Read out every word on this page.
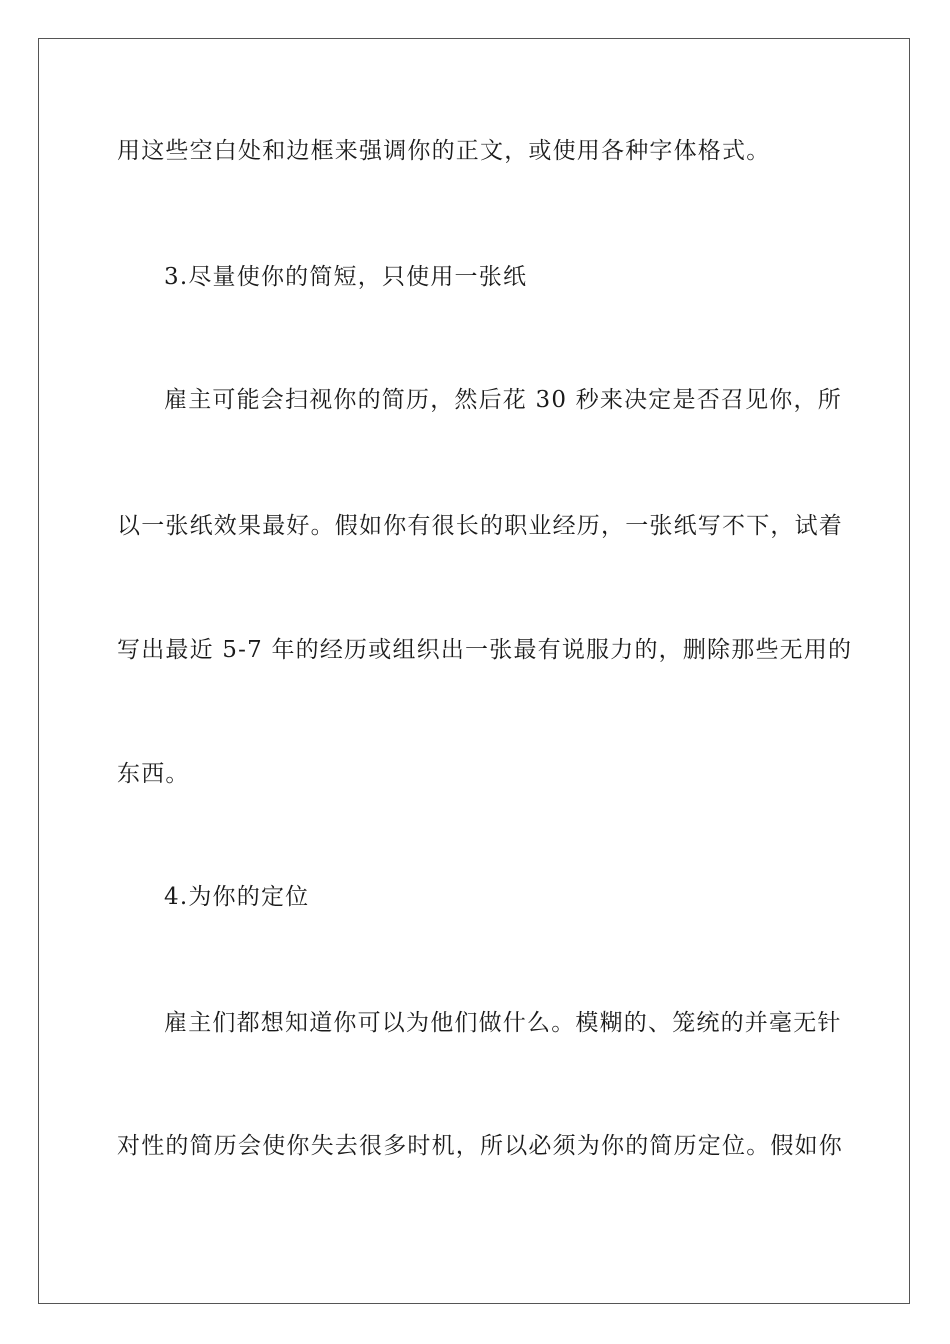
用这些空白处和边框来强调你的正文，或使用各种字体格式。
3.尽量使你的简短，只使用一张纸
雇主可能会扫视你的简历，然后花 30 秒来决定是否召见你，所
以一张纸效果最好。假如你有很长的职业经历，一张纸写不下，试着
写出最近 5-7 年的经历或组织出一张最有说服力的，删除那些无用的
东西。
4.为你的定位
雇主们都想知道你可以为他们做什么。模糊的、笼统的并毫无针
对性的简历会使你失去很多时机，所以必须为你的简历定位。假如你
